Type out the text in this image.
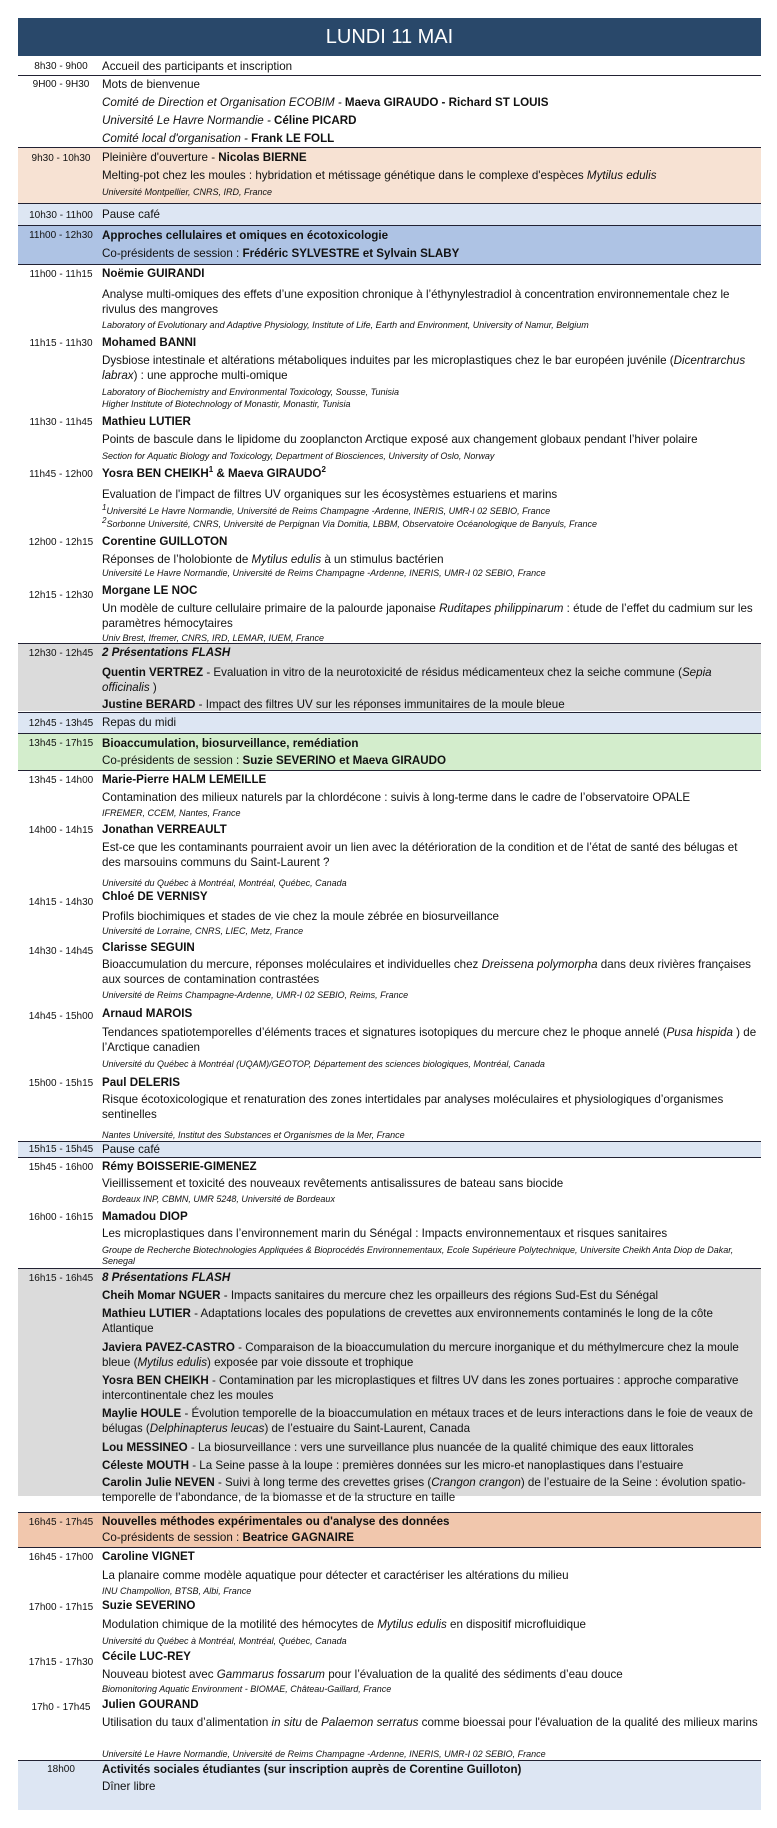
LUNDI 11 MAI
8h30 - 9h00	Accueil des participants et inscription
9H00 - 9H30	Mots de bienvenue
Comité de Direction et Organisation ECOBIM - Maeva GIRAUDO - Richard ST LOUIS
Université Le Havre Normandie - Céline PICARD
Comité local d'organisation - Frank LE FOLL
9h30 - 10h30 Pleinière d'ouverture - Nicolas BIERNE
Melting-pot chez les moules : hybridation et métissage génétique dans le complexe d'espèces Mytilus edulis
Université Montpellier, CNRS, IRD, France
10h30 - 11h00 Pause café
11h00 - 12h30 Approches cellulaires et omiques en écotoxicologie
Co-présidents de session : Frédéric SYLVESTRE et Sylvain SLABY
11h00 - 11h15 Noëmie GUIRANDI
Analyse multi-omiques des effets d’une exposition chronique à l’éthynylestradiol à concentration environnementale chez le rivulus des mangroves
Laboratory of Evolutionary and Adaptive Physiology, Institute of Life, Earth and Environment, University of Namur, Belgium
11h15 - 11h30 Mohamed BANNI
Dysbiose intestinale et altérations métaboliques induites par les microplastiques chez le bar européen juvénile (Dicentrarchus labrax) : une approche multi-omique
Laboratory of Biochemistry and Environmental Toxicology, Sousse, Tunisia
Higher Institute of Biotechnology of Monastir, Monastir, Tunisia
11h30 - 11h45 Mathieu LUTIER
Points de bascule dans le lipidome du zooplancton Arctique exposé aux changement globaux pendant l’hiver polaire
Section for Aquatic Biology and Toxicology, Department of Biosciences, University of Oslo, Norway
11h45 - 12h00 Yosra BEN CHEIKH$^1$ & Maeva GIRAUDO$^2$
Evaluation de l'impact de filtres UV organiques sur les écosystèmes estuariens et marins
1Université Le Havre Normandie, Université de Reims Champagne -Ardenne, INERIS, UMR-I 02 SEBIO, France
2Sorbonne Université, CNRS, Université de Perpignan Via Domitia, LBBM, Observatoire Océanologique de Banyuls, France
12h00 - 12h15 Corentine GUILLOTON
Réponses de l’holobionte de Mytilus edulis à un stimulus bactérien
Université Le Havre Normandie, Université de Reims Champagne -Ardenne, INERIS, UMR-I 02 SEBIO, France
12h15 - 12h30 Morgane LE NOC
Un modèle de culture cellulaire primaire de la palourde japonaise Ruditapes philippinarum : étude de l’effet du cadmium sur les paramètres hémocytaires
Univ Brest, Ifremer, CNRS, IRD, LEMAR, IUEM, France
12h30 - 12h45 2 Présentations FLASH
Quentin VERTREZ - Evaluation in vitro de la neurotoxicité de résidus médicamenteux chez la seiche commune (Sepia officinalis )
Justine BERARD - Impact des filtres UV sur les réponses immunitaires de la moule bleue
12h45 - 13h45 Repas du midi
13h45 - 17h15 Bioaccumulation, biosurveillance, remédiation
Co-présidents de session : Suzie SEVERINO et Maeva GIRAUDO
13h45 - 14h00 Marie-Pierre HALM LEMEILLE
Contamination des milieux naturels par la chlordécone : suivis à long-terme dans le cadre de l’observatoire OPALE
IFREMER, CCEM, Nantes, France
14h00 - 14h15 Jonathan VERREAULT
Est-ce que les contaminants pourraient avoir un lien avec la détérioration de la condition et de l’état de santé des bélugas et des marsouins communs du Saint-Laurent ?
Université du Québec à Montréal, Montréal, Québec, Canada
14h15 - 14h30 Chloé DE VERNISY
Profils biochimiques et stades de vie chez la moule zébrée en biosurveillance
Université de Lorraine, CNRS, LIEC, Metz, France
14h30 - 14h45 Clarisse SEGUIN
Bioaccumulation du mercure, réponses moléculaires et individuelles chez Dreissena polymorpha dans deux rivières françaises aux sources de contamination contrastées
Université de Reims Champagne-Ardenne, UMR-I 02 SEBIO, Reims, France
14h45 - 15h00 Arnaud MAROIS
Tendances spatiotemporelles d’éléments traces et signatures isotopiques du mercure chez le phoque annelé (Pusa hispida ) de l’Arctique canadien
Université du Québec à Montréal (UQAM)/GEOTOP, Département des sciences biologiques, Montréal, Canada
15h00 - 15h15 Paul DELERIS
Risque écotoxicologique et renaturation des zones intertidales par analyses moléculaires et physiologiques d’organismes sentinelles
Nantes Université, Institut des Substances et Organismes de la Mer, France
15h15 - 15h45 Pause café
15h45 - 16h00 Rémy BOISSERIE-GIMENEZ
Vieillissement et toxicité des nouveaux revêtements antisalissures de bateau sans biocide
Bordeaux INP, CBMN, UMR 5248, Université de Bordeaux
16h00 - 16h15 Mamadou DIOP
Les microplastiques dans l’environnement marin du Sénégal : Impacts environnementaux et risques sanitaires
Groupe de Recherche Biotechnologies Appliquées & Bioprocédés Environnementaux, Ecole Supérieure Polytechnique, Universite Cheikh Anta Diop de Dakar, Senegal
16h15 - 16h45 8 Présentations FLASH
Cheih Momar NGUER - Impacts sanitaires du mercure chez les orpailleurs des régions Sud-Est du Sénégal
Mathieu LUTIER - Adaptations locales des populations de crevettes aux environnements contaminés le long de la côte Atlantique
Javiera PAVEZ-CASTRO - Comparaison de la bioaccumulation du mercure inorganique et du méthylmercure chez la moule bleue (Mytilus edulis) exposée par voie dissoute et trophique
Yosra BEN CHEIKH - Contamination par les microplastiques et filtres UV dans les zones portuaires : approche comparative intercontinentale chez les moules
Maylie HOULE - Évolution temporelle de la bioaccumulation en métaux traces et de leurs interactions dans le foie de veaux de bélugas (Delphinapterus leucas) de l’estuaire du Saint-Laurent, Canada
Lou MESSINEO - La biosurveillance : vers une surveillance plus nuancée de la qualité chimique des eaux littorales
Céleste MOUTH - La Seine passe à la loupe : premières données sur les micro-et nanoplastiques dans l’estuaire
Carolin Julie NEVEN - Suivi à long terme des crevettes grises (Crangon crangon) de l’estuaire de la Seine : évolution spatio-temporelle de l’abondance, de la biomasse et de la structure en taille
16h45 - 17h45 Nouvelles méthodes expérimentales ou d'analyse des données
Co-présidents de session : Beatrice GAGNAIRE
16h45 - 17h00 Caroline VIGNET
La planaire comme modèle aquatique pour détecter et caractériser les altérations du milieu
INU Champollion, BTSB, Albi, France
17h00 - 17h15 Suzie SEVERINO
Modulation chimique de la motilité des hémocytes de Mytilus edulis en dispositif microfluidique
Université du Québec à Montréal, Montréal, Québec, Canada
17h15 - 17h30 Cécile LUC-REY
Nouveau biotest avec Gammarus fossarum pour l’évaluation de la qualité des sédiments d’eau douce
Biomonitoring Aquatic Environment - BIOMAE, Château-Gaillard, France
17h0 - 17h45 Julien GOURAND
Utilisation du taux d’alimentation in situ de Palaemon serratus comme bioessai pour l'évaluation de la qualité des milieux marins
Université Le Havre Normandie, Université de Reims Champagne -Ardenne, INERIS, UMR-I 02 SEBIO, France
18h00	Activités sociales étudiantes (sur inscription auprès de Corentine Guilloton)
Dîner libre
